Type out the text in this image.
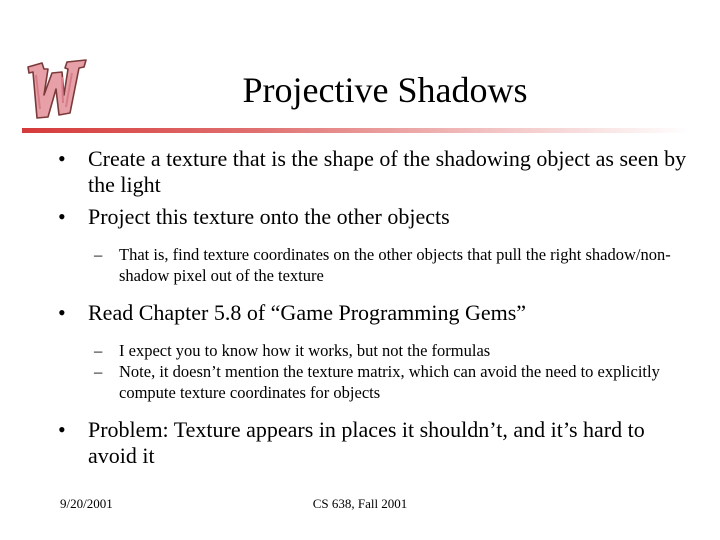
Projective Shadows

• Create a texture that is the shape of the shadowing object as seen by the light

• Project this texture onto the other objects

– That is, find texture coordinates on the other objects that pull the right shadow/non-shadow pixel out of the texture

• Read Chapter 5.8 of “Game Programming Gems”

– I expect you to know how it works, but not the formulas

– Note, it doesn’t mention the texture matrix, which can avoid the need to explicitly compute texture coordinates for objects

• Problem: Texture appears in places it shouldn’t, and it’s hard to avoid it

9/20/2001	CS 638, Fall 2001
